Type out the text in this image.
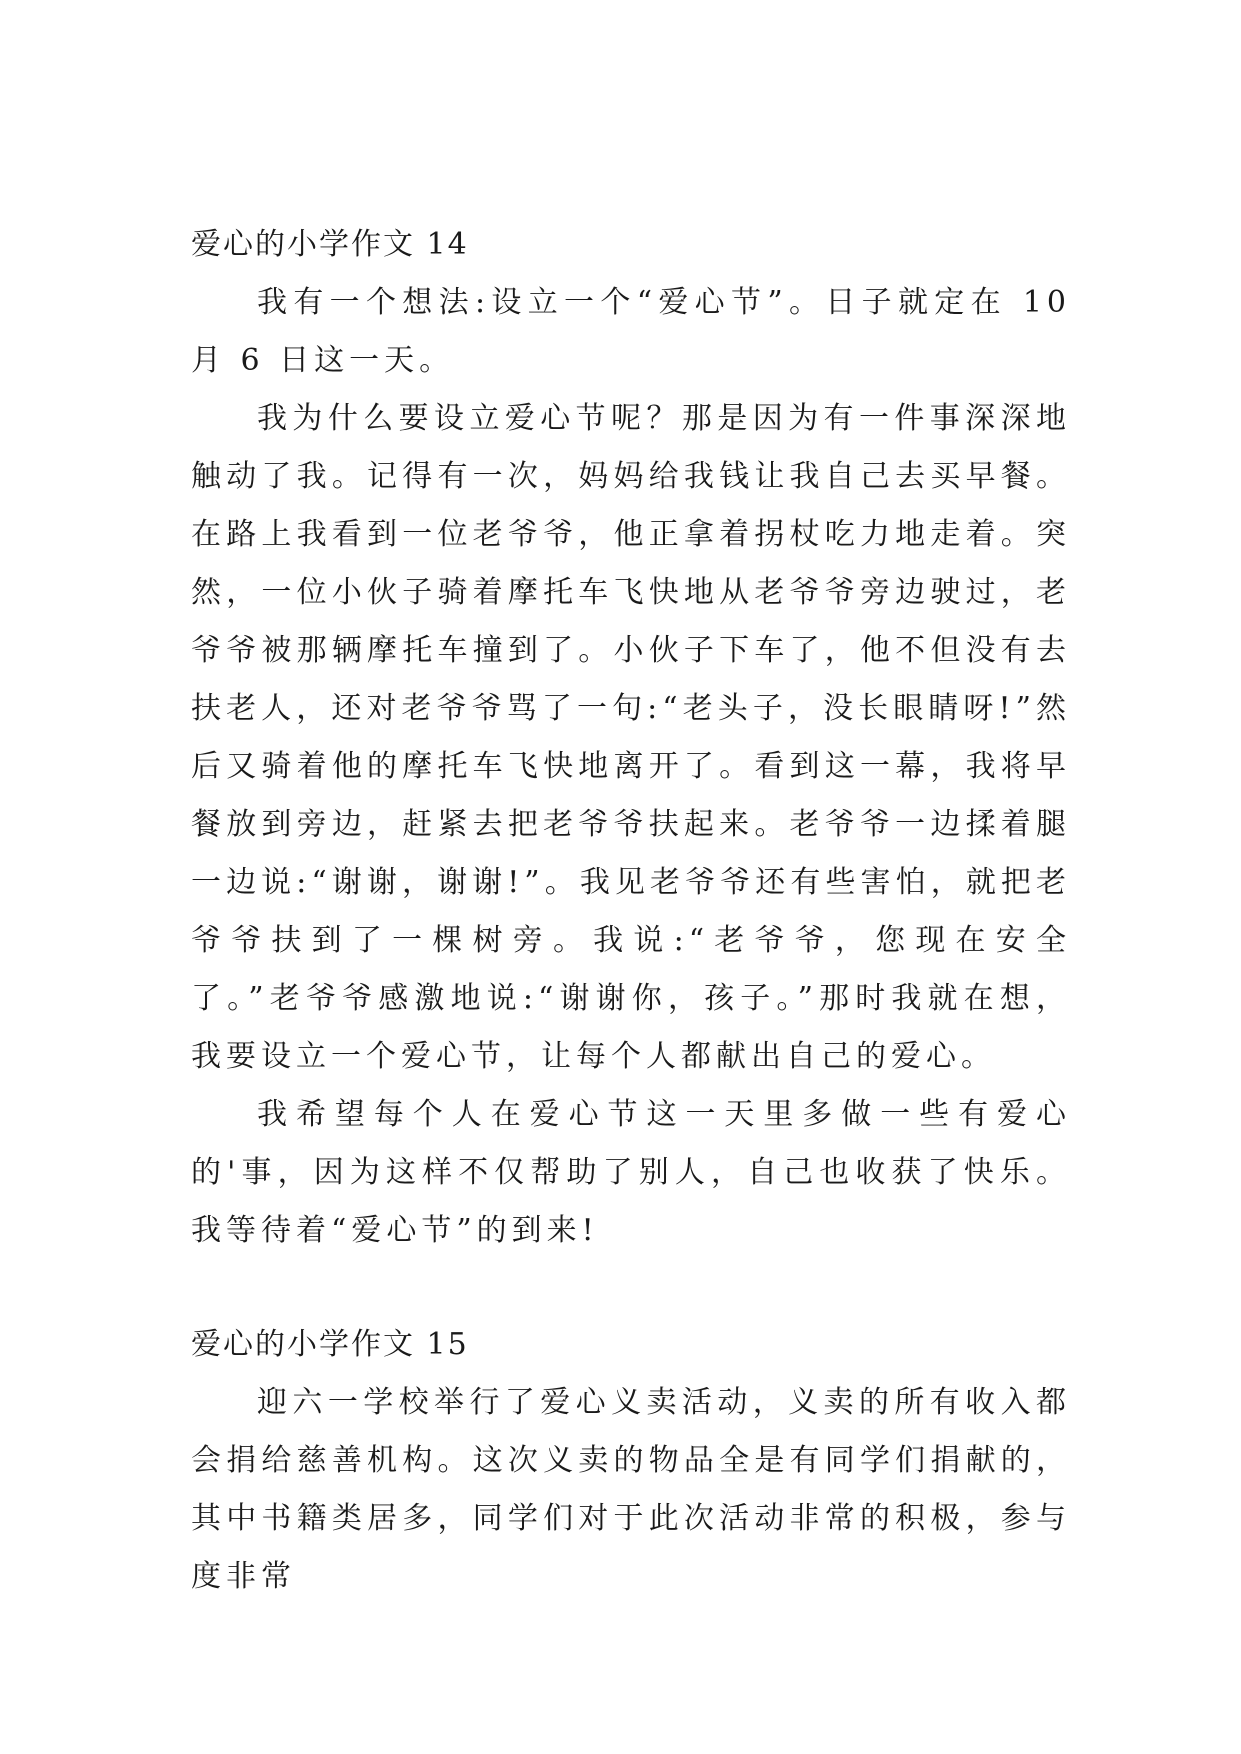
爱心的小学作文 14

我有一个想法:设立一个“爱心节”。日子就定在 10 月 6 日这一天。

我为什么要设立爱心节呢？那是因为有一件事深深地触动了我。记得有一次，妈妈给我钱让我自己去买早餐。在路上我看到一位老爷爷，他正拿着拐杖吃力地走着。突然，一位小伙子骑着摩托车飞快地从老爷爷旁边驶过，老爷爷被那辆摩托车撞到了。小伙子下车了，他不但没有去扶老人，还对老爷爷骂了一句:“老头子，没长眼睛呀!”然后又骑着他的摩托车飞快地离开了。看到这一幕，我将早餐放到旁边，赶紧去把老爷爷扶起来。老爷爷一边揉着腿一边说:“谢谢，谢谢!”。我见老爷爷还有些害怕，就把老爷爷扶到了一棵树旁。我说:“老爷爷，您现在安全了。”老爷爷感激地说:“谢谢你，孩子。”那时我就在想，我要设立一个爱心节，让每个人都献出自己的爱心。

我希望每个人在爱心节这一天里多做一些有爱心的'事，因为这样不仅帮助了别人，自己也收获了快乐。我等待着“爱心节”的到来!

爱心的小学作文 15

迎六一学校举行了爱心义卖活动，义卖的所有收入都会捐给慈善机构。这次义卖的物品全是有同学们捐献的，其中书籍类居多，同学们对于此次活动非常的积极，参与度非常
